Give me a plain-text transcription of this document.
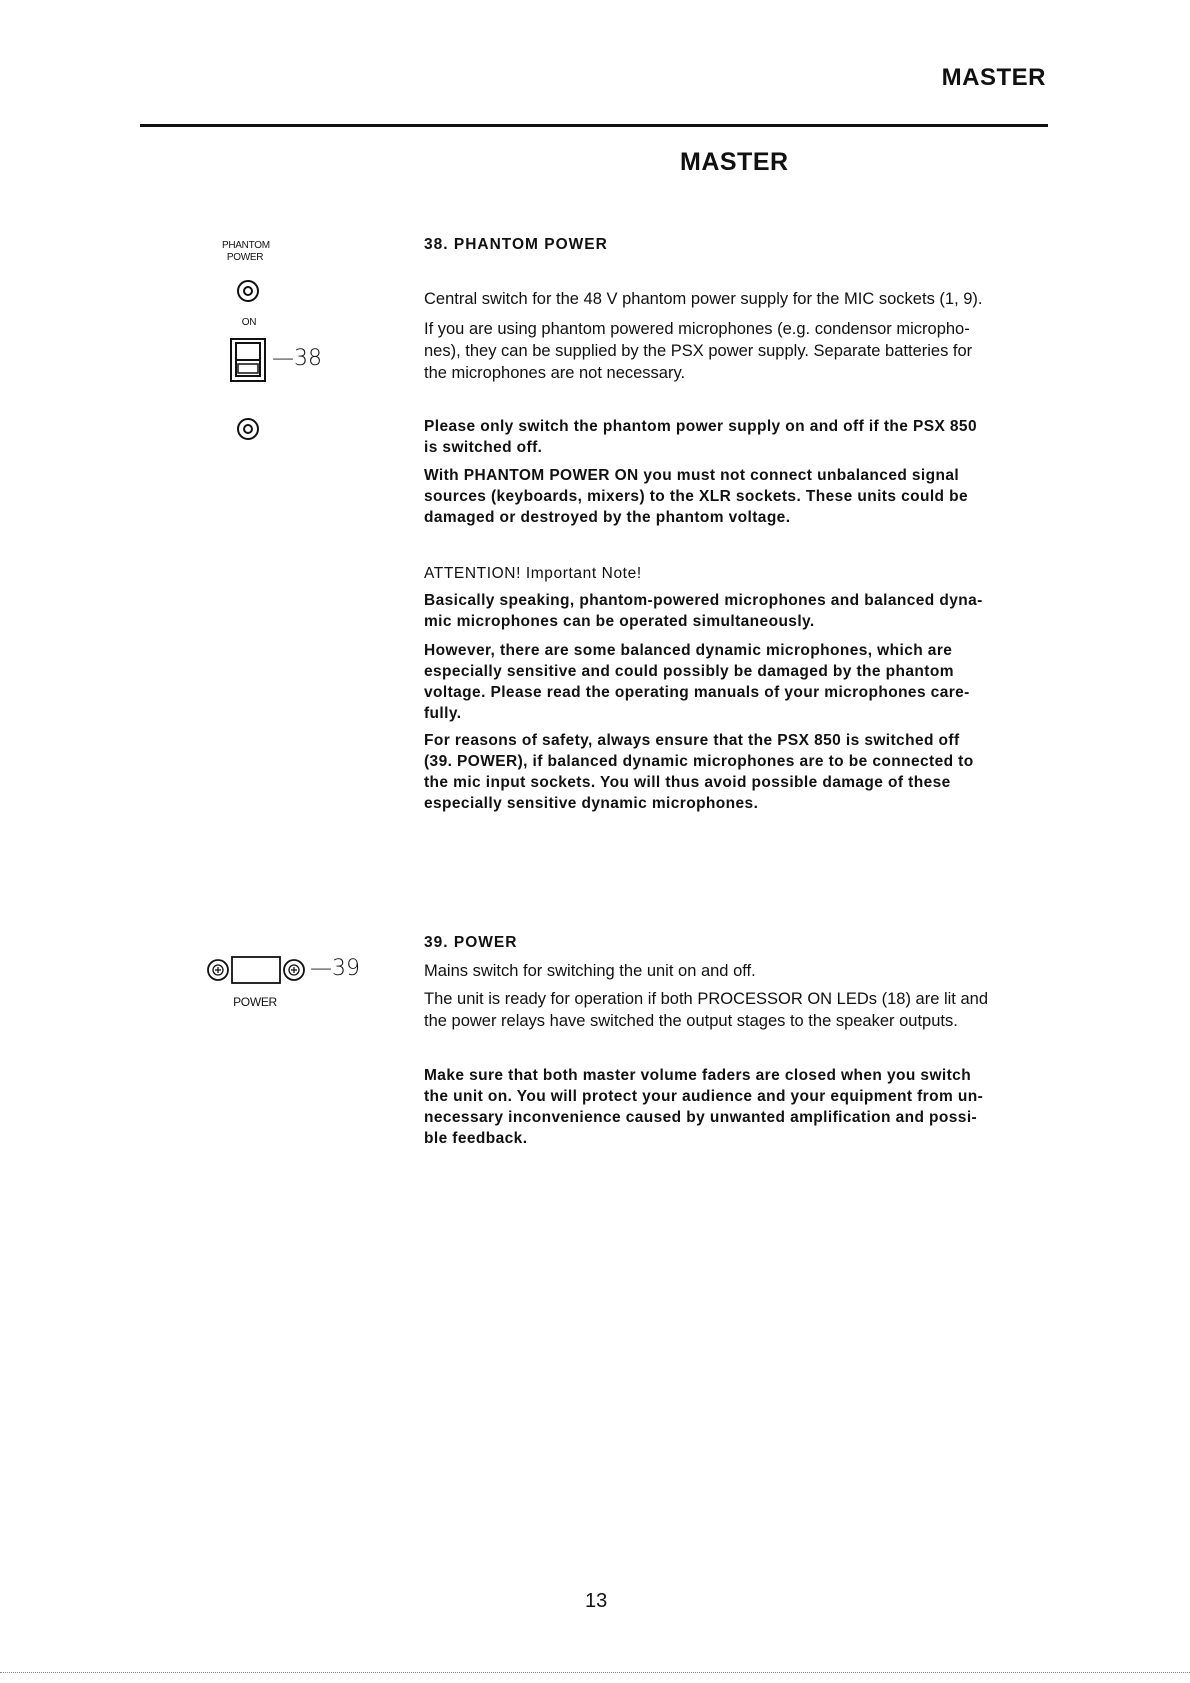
MASTER
MASTER
PHANTOM
POWER
ON
—38
—39
POWER
38. PHANTOM POWER

Central switch for the 48 V phantom power supply for the MIC sockets (1, 9).

If you are using phantom powered microphones (e.g. condensor micropho-

nes), they can be supplied by the PSX power supply. Separate batteries for

the microphones are not necessary.

Please only switch the phantom power supply on and off if the PSX 850

is switched off.

With PHANTOM POWER ON you must not connect unbalanced signal

sources (keyboards, mixers) to the XLR sockets. These units could be

damaged or destroyed by the phantom voltage.

ATTENTION! Important Note!

Basically speaking, phantom-powered microphones and balanced dyna-

mic microphones can be operated simultaneously.

However, there are some balanced dynamic microphones, which are

especially sensitive and could possibly be damaged by the phantom

voltage. Please read the operating manuals of your microphones care-

fully.

For reasons of safety, always ensure that the PSX 850 is switched off

(39. POWER), if balanced dynamic microphones are to be connected to

the mic input sockets. You will thus avoid possible damage of these

especially sensitive dynamic microphones.

39. POWER

Mains switch for switching the unit on and off.

The unit is ready for operation if both PROCESSOR ON LEDs (18) are lit and

the power relays have switched the output stages to the speaker outputs.

Make sure that both master volume faders are closed when you switch

the unit on. You will protect your audience and your equipment from un-

necessary inconvenience caused by unwanted amplification and possi-

ble feedback.

13
